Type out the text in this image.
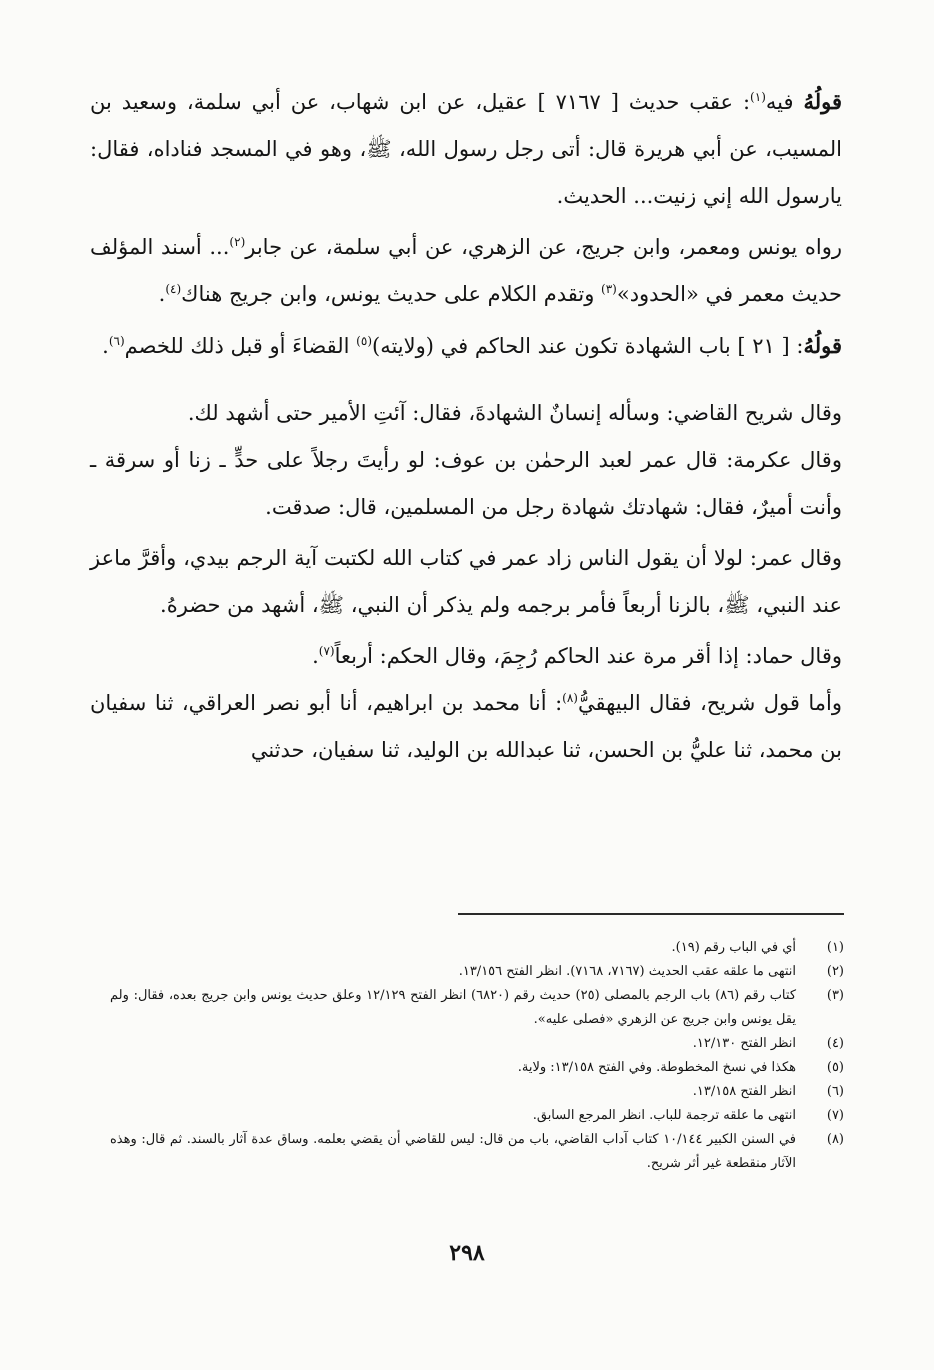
قولُهُ فيه$^{(١)}$: عقب حديث [ ٧١٦٧ ] عقيل، عن ابن شهاب، عن أبي سلمة، وسعيد بن المسيب، عن أبي هريرة قال: أتى رجل رسول الله، ﷺ، وهو في المسجد فناداه، فقال: يارسول الله إني زنيت... الحديث.

رواه يونس ومعمر، وابن جريج، عن الزهري، عن أبي سلمة، عن جابر$^{(٢)}$... أسند المؤلف حديث معمر في «الحدود»$^{(٣)}$ وتقدم الكلام على حديث يونس، وابن جريج هناك$^{(٤)}$.

قولُهُ: [ ٢١ ] باب الشهادة تكون عند الحاكم في (ولايته)$^{(٥)}$ القضاءَ أو قبل ذلك للخصم$^{(٦)}$.

وقال شريح القاضي: وسأله إنسانٌ الشهادةَ، فقال: آئتِ الأمير حتى أشهد لك.

وقال عكرمة: قال عمر لعبد الرحمٰن بن عوف: لو رأيتَ رجلاً على حدٍّ ـ زنا أو سرقة ـ وأنت أميرٌ، فقال: شهادتك شهادة رجل من المسلمين، قال: صدقت.

وقال عمر: لولا أن يقول الناس زاد عمر في كتاب الله لكتبت آية الرجم بيدي، وأقرَّ ماعز عند النبي، ﷺ، بالزنا أربعاً فأمر برجمه ولم يذكر أن النبي، ﷺ، أشهد من حضرهُ.

وقال حماد: إذا أقر مرة عند الحاكم رُجِمَ، وقال الحكم: أربعاً$^{(٧)}$.

وأما قول شريح، فقال البيهقيُّ$^{(٨)}$: أنا محمد بن ابراهيم، أنا أبو نصر العراقي، ثنا سفيان بن محمد، ثنا عليُّ بن الحسن، ثنا عبدالله بن الوليد، ثنا سفيان، حدثني

(١)
أي في الباب رقم (١٩).
(٢)
انتهى ما علقه عقب الحديث (٧١٦٧، ٧١٦٨). انظر الفتح ١٣/١٥٦.
(٣)
كتاب رقم (٨٦) باب الرجم بالمصلى (٢٥) حديث رقم (٦٨٢٠) انظر الفتح ١٢/١٢٩ وعلق حديث يونس وابن جريج بعده، فقال: ولم يقل يونس وابن جريج عن الزهري «فصلى عليه».
(٤)
انظر الفتح ١٢/١٣٠.
(٥)
هكذا في نسخ المخطوطة. وفي الفتح ١٣/١٥٨: ولاية.
(٦)
انظر الفتح ١٣/١٥٨.
(٧)
انتهى ما علقه ترجمة للباب. انظر المرجع السابق.
(٨)
في السنن الكبير ١٠/١٤٤ كتاب آداب القاضي، باب من قال: ليس للقاضي أن يقضي بعلمه. وساق عدة آثار بالسند. ثم قال: وهذه الآثار منقطعة غير أثر شريح.
٢٩٨
